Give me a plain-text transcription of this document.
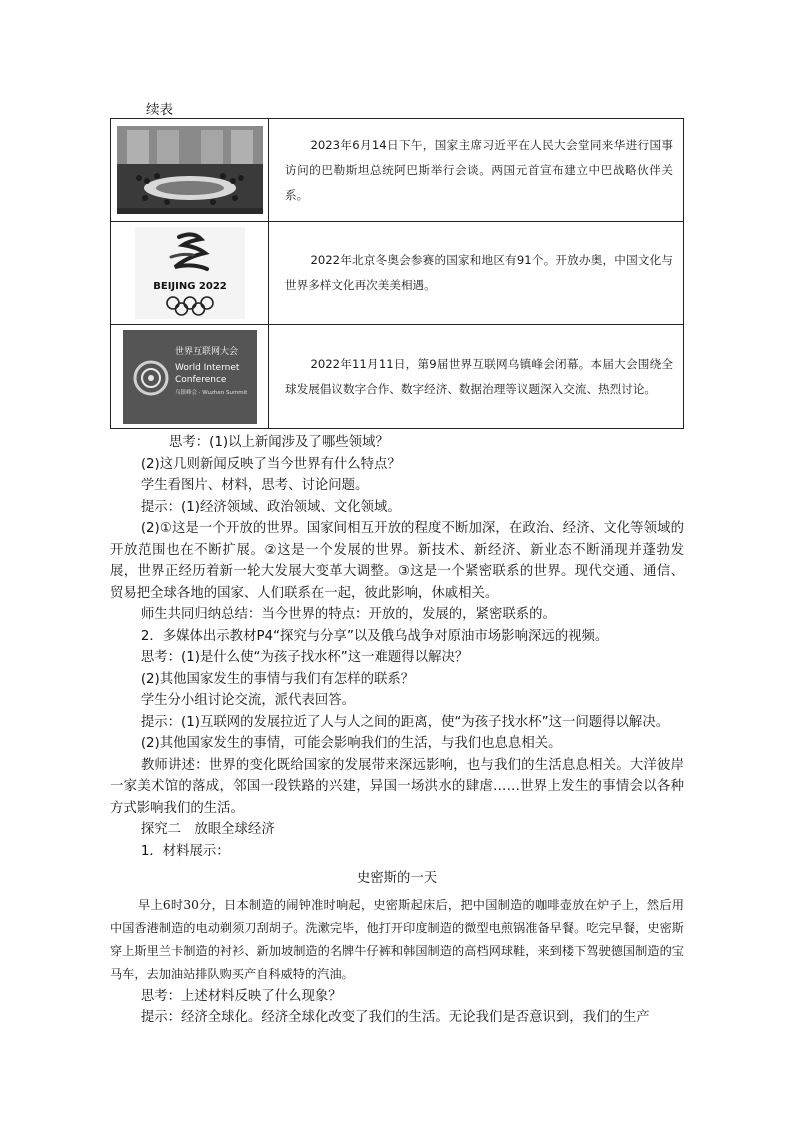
续表
	2023年6月14日下午，国家主席习近平在人民大会堂同来华进行国事访问的巴勒斯坦总统阿巴斯举行会谈。两国元首宣布建立中巴战略伙伴关系。

BEIJING 2022	2022年北京冬奥会参赛的国家和地区有91个。开放办奥，中国文化与世界多样文化再次美美相遇。

世界互联网大会
World Internet
Conference
乌镇峰会 · Wuzhen Summit	2022年11月11日，第9届世界互联网乌镇峰会闭幕。本届大会围绕全球发展倡议数字合作、数字经济、数据治理等议题深入交流、热烈讨论。

思考：(1)以上新闻涉及了哪些领域？

(2)这几则新闻反映了当今世界有什么特点？

学生看图片、材料，思考、讨论问题。

提示：(1)经济领域、政治领域、文化领域。

(2)①这是一个开放的世界。国家间相互开放的程度不断加深，在政治、经济、文化等领域的开放范围也在不断扩展。②这是一个发展的世界。新技术、新经济、新业态不断涌现并蓬勃发展，世界正经历着新一轮大发展大变革大调整。③这是一个紧密联系的世界。现代交通、通信、贸易把全球各地的国家、人们联系在一起，彼此影响，休戚相关。

师生共同归纳总结：当今世界的特点：开放的，发展的，紧密联系的。

2．多媒体出示教材P4“探究与分享”以及俄乌战争对原油市场影响深远的视频。

思考：(1)是什么使“为孩子找水杯”这一难题得以解决？

(2)其他国家发生的事情与我们有怎样的联系？

学生分小组讨论交流，派代表回答。

提示：(1)互联网的发展拉近了人与人之间的距离，使“为孩子找水杯”这一问题得以解决。

(2)其他国家发生的事情，可能会影响我们的生活，与我们也息息相关。

教师讲述：世界的变化既给国家的发展带来深远影响，也与我们的生活息息相关。大洋彼岸一家美术馆的落成，邻国一段铁路的兴建，异国一场洪水的肆虐……世界上发生的事情会以各种方式影响我们的生活。

探究二　放眼全球经济

1．材料展示：

史密斯的一天

早上6时30分，日本制造的闹钟准时响起，史密斯起床后，把中国制造的咖啡壶放在炉子上，然后用中国香港制造的电动剃须刀刮胡子。洗漱完毕，他打开印度制造的微型电煎锅准备早餐。吃完早餐，史密斯穿上斯里兰卡制造的衬衫、新加坡制造的名牌牛仔裤和韩国制造的高档网球鞋，来到楼下驾驶德国制造的宝马车，去加油站排队购买产自科威特的汽油。

思考：上述材料反映了什么现象？

提示：经济全球化。经济全球化改变了我们的生活。无论我们是否意识到，我们的生产
